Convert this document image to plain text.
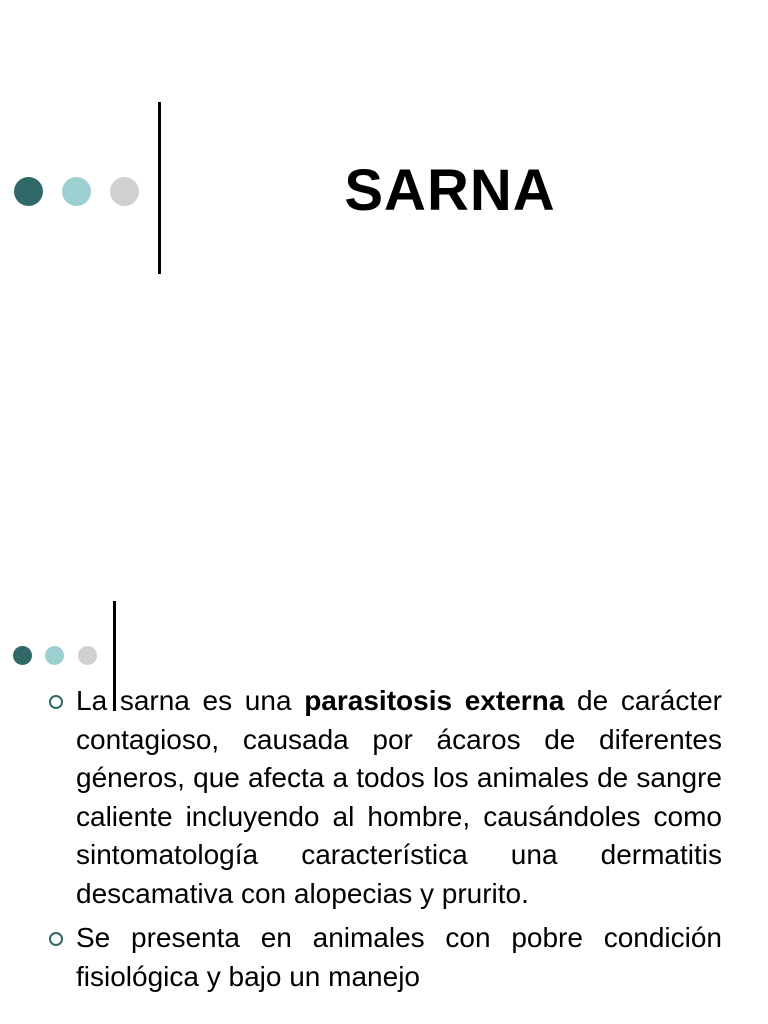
SARNA
La sarna es una parasitosis externa de carácter contagioso, causada por ácaros de diferentes géneros, que afecta a todos los animales de sangre caliente incluyendo al hombre, causándoles como sintomatología característica una dermatitis descamativa con alopecias y prurito.
Se presenta en animales con pobre condición fisiológica y bajo un manejo
